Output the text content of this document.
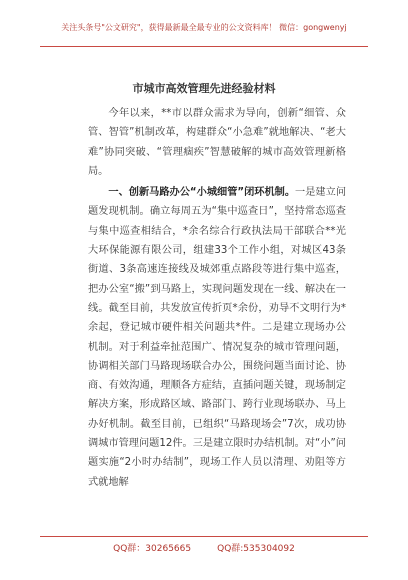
关注头条号"公文研究"，获得最新最全最专业的公文资料库！ 微信：gongwenyj
市城市高效管理先进经验材料

今年以来，**市以群众需求为导向，创新“细管、众管、智管”机制改革，构建群众“小急难”就地解决、“老大难”协同突破、“管理痼疾”智慧破解的城市高效管理新格局。

一、创新马路办公“小城细管”闭环机制。一是建立问题发现机制。确立每周五为“集中巡查日”，坚持常态巡查与集中巡查相结合，*余名综合行政执法局干部联合**光大环保能源有限公司，组建33个工作小组，对城区43条街道、3条高速连接线及城郊重点路段等进行集中巡查，把办公室“搬”到马路上，实现问题发现在一线、解决在一线。截至目前，共发放宣传折页*余份，劝导不文明行为*余起，登记城市硬件相关问题共*件。二是建立现场办公机制。对于利益牵扯范围广、情况复杂的城市管理问题，协调相关部门马路现场联合办公，围绕问题当面讨论、协商、有效沟通，理顺各方症结，直插问题关键，现场制定解决方案，形成路区域、路部门、跨行业现场联办、马上办好机制。截至目前，已组织“马路现场会”7次，成功协调城市管理问题12件。三是建立限时办结机制。对“小”问题实施“2小时办结制”，现场工作人员以清理、劝阻等方式就地解

QQ群：30265665	QQ群:535304092
